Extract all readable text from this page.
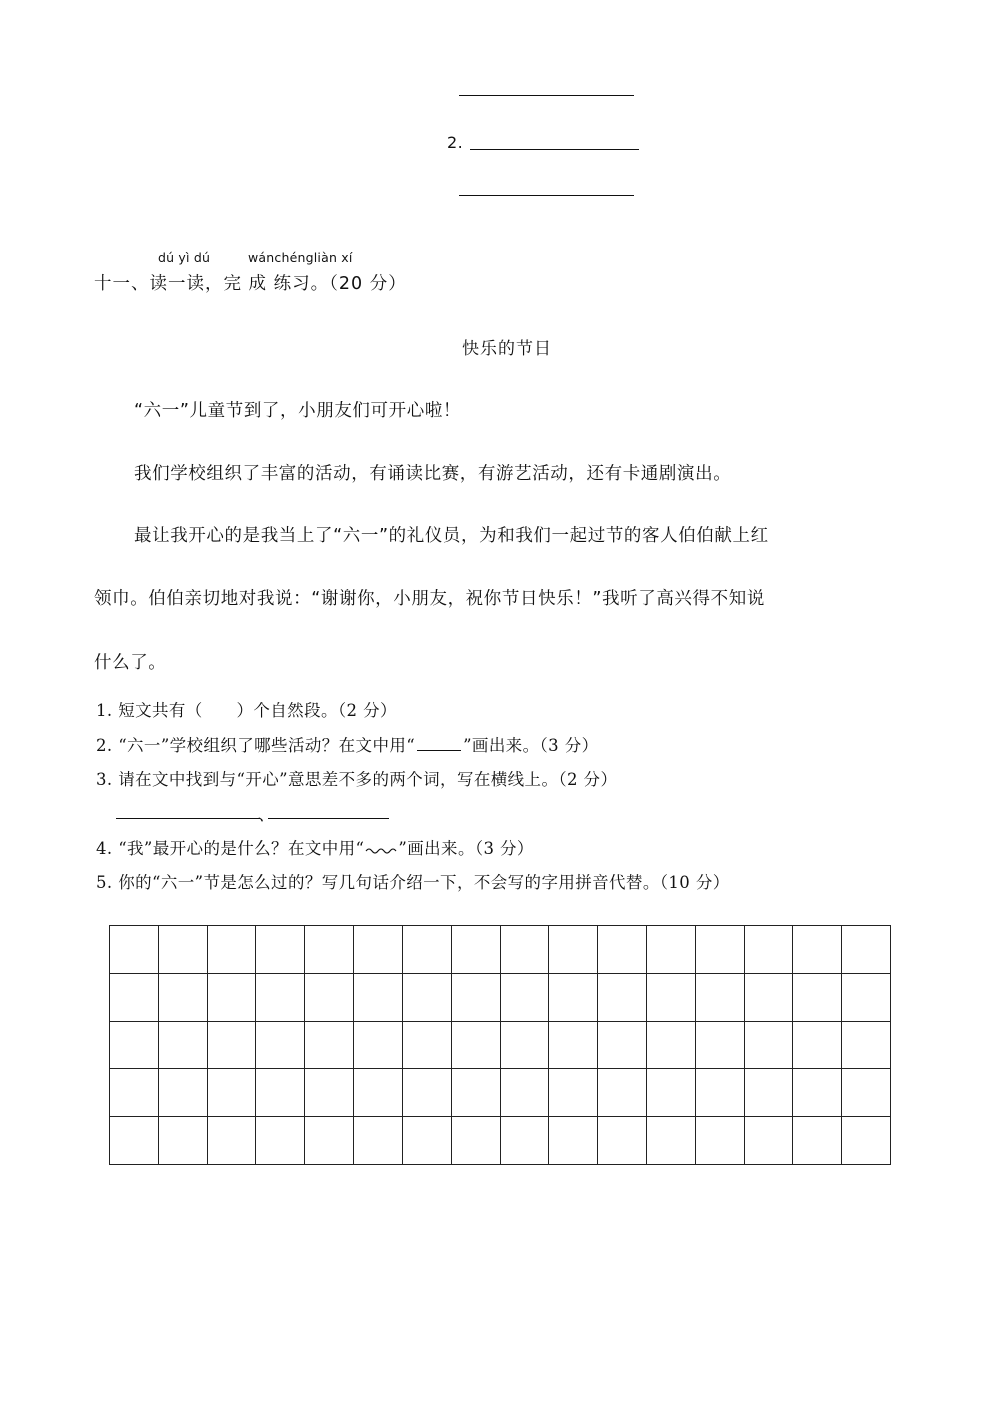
2.
dú yì dú	wánchéngliàn xí
十一、读一读，完 成 练习。（20 分）
快乐的节日
“六一”儿童节到了，小朋友们可开心啦！
我们学校组织了丰富的活动，有诵读比赛，有游艺活动，还有卡通剧演出。
最让我开心的是我当上了“六一”的礼仪员，为和我们一起过节的客人伯伯献上红
领巾。伯伯亲切地对我说：“谢谢你，小朋友，祝你节日快乐！”我听了高兴得不知说
什么了。
1. 短文共有（　　）个自然段。（2 分）
2. “六一”学校组织了哪些活动？在文中用“	”画出来。（3 分）
3. 请在文中找到与“开心”意思差不多的两个词，写在横线上。（2 分）
、
4. “我”最开心的是什么？在文中用“ ”画出来。（3 分）
5. 你的“六一”节是怎么过的？写几句话介绍一下，不会写的字用拼音代替。（10 分）
